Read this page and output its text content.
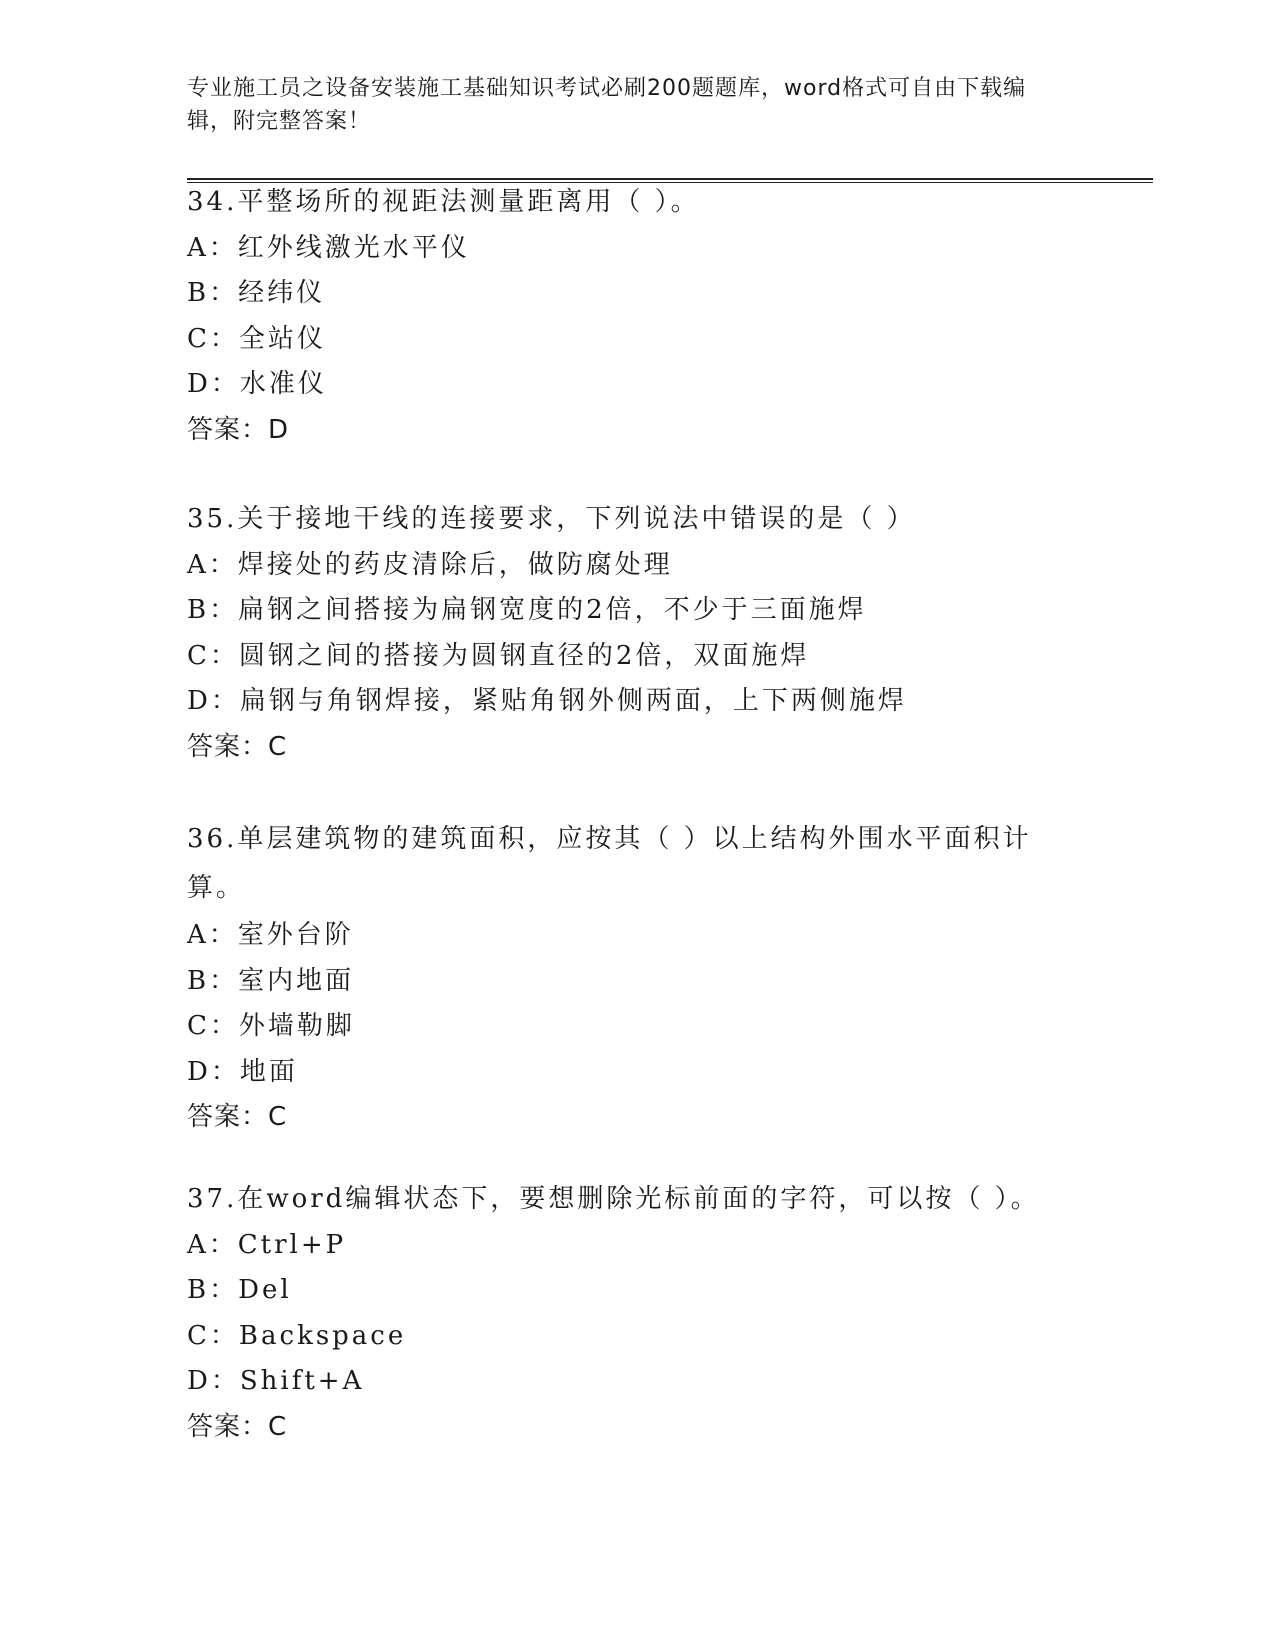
专业施工员之设备安装施工基础知识考试必刷200题题库，word格式可自由下载编辑，附完整答案！
34.平整场所的视距法测量距离用（ ）。
A：红外线激光水平仪
B：经纬仪
C：全站仪
D：水准仪
答案：D
35.关于接地干线的连接要求，下列说法中错误的是（ ）
A：焊接处的药皮清除后，做防腐处理
B：扁钢之间搭接为扁钢宽度的2倍，不少于三面施焊
C：圆钢之间的搭接为圆钢直径的2倍，双面施焊
D：扁钢与角钢焊接，紧贴角钢外侧两面，上下两侧施焊
答案：C
36.单层建筑物的建筑面积，应按其（ ）以上结构外围水平面积计算。
A：室外台阶
B：室内地面
C：外墙勒脚
D：地面
答案：C
37.在word编辑状态下，要想删除光标前面的字符，可以按（ ）。
A：Ctrl+P
B：Del
C：Backspace
D：Shift+A
答案：C
